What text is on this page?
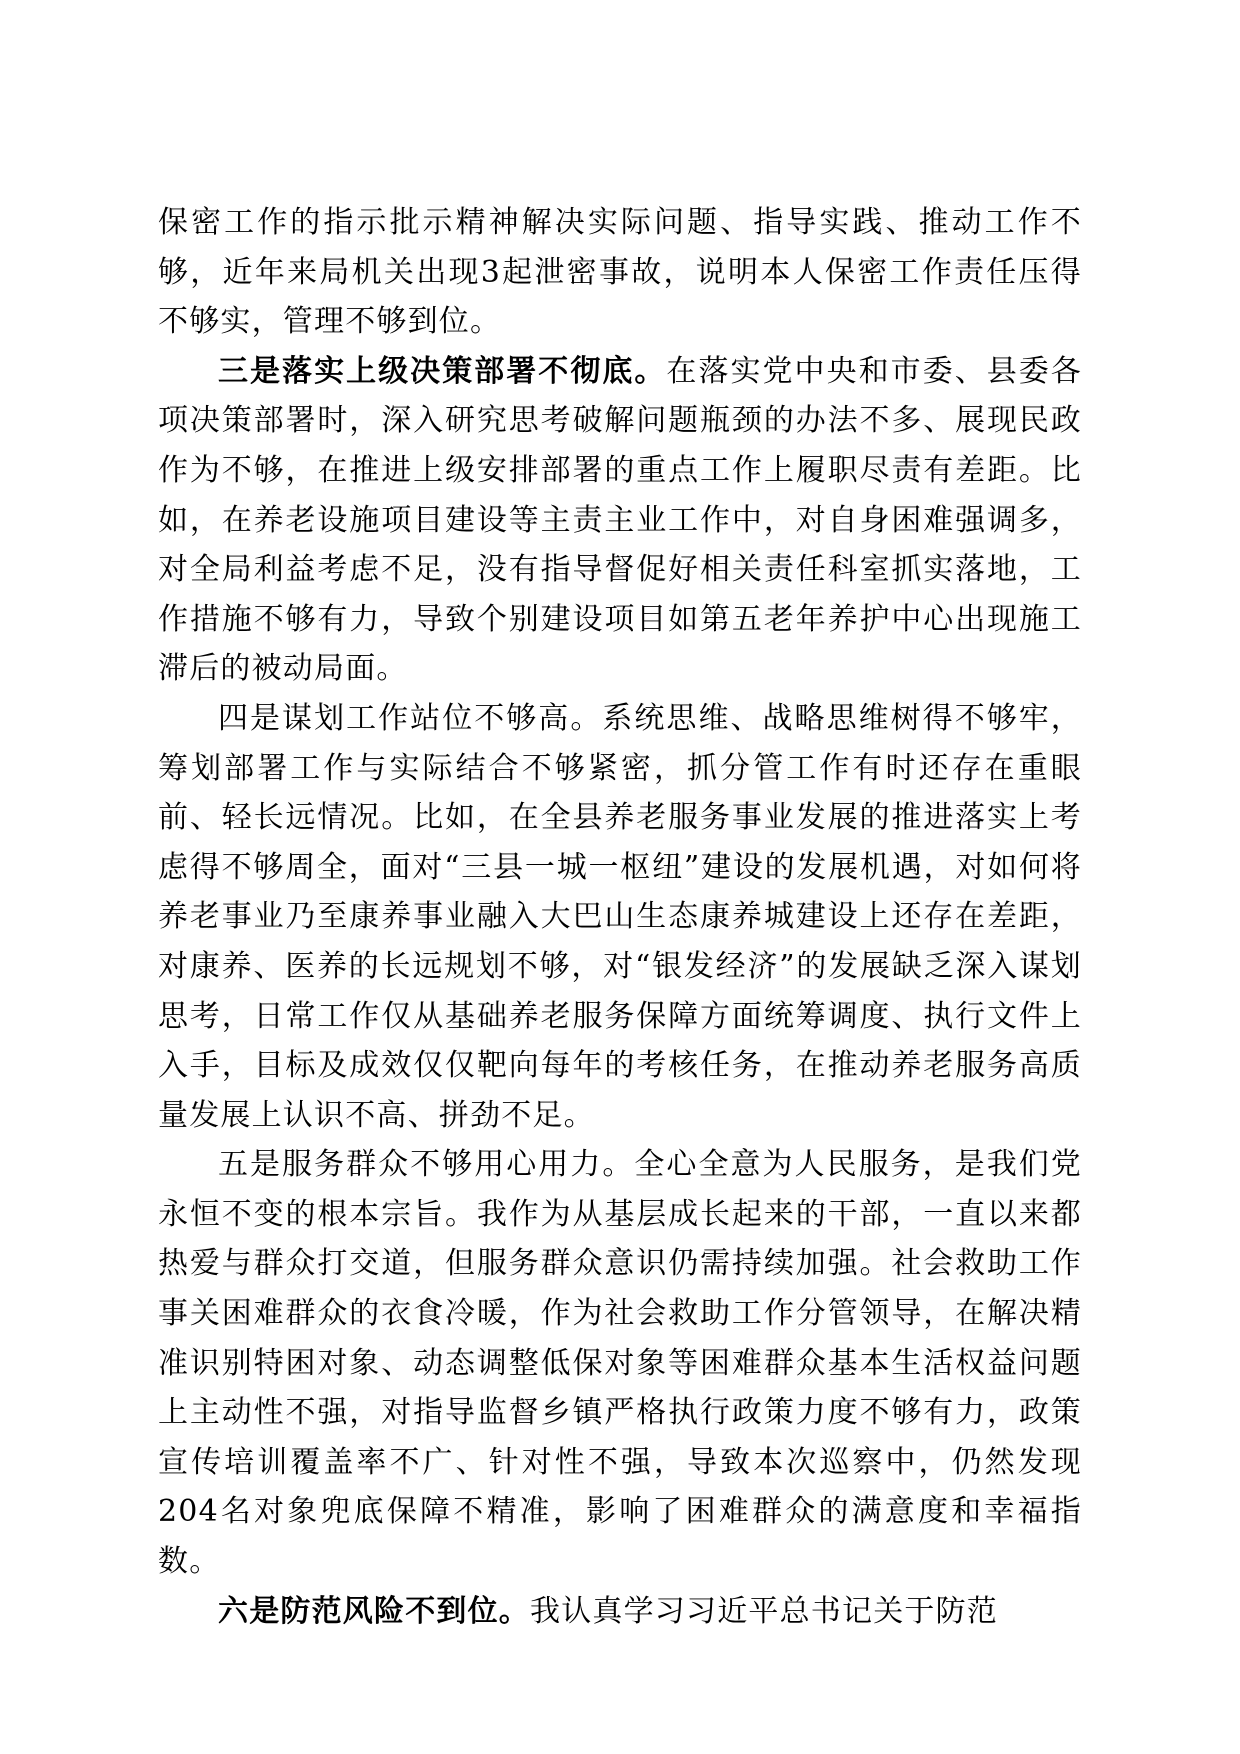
保密工作的指示批示精神解决实际问题、指导实践、推动工作不够，近年来局机关出现3起泄密事故，说明本人保密工作责任压得不够实，管理不够到位。

三是落实上级决策部署不彻底。在落实党中央和市委、县委各项决策部署时，深入研究思考破解问题瓶颈的办法不多、展现民政作为不够，在推进上级安排部署的重点工作上履职尽责有差距。比如，在养老设施项目建设等主责主业工作中，对自身困难强调多，对全局利益考虑不足，没有指导督促好相关责任科室抓实落地，工作措施不够有力，导致个别建设项目如第五老年养护中心出现施工滞后的被动局面。

四是谋划工作站位不够高。系统思维、战略思维树得不够牢，筹划部署工作与实际结合不够紧密，抓分管工作有时还存在重眼前、轻长远情况。比如，在全县养老服务事业发展的推进落实上考虑得不够周全，面对“三县一城一枢纽”建设的发展机遇，对如何将养老事业乃至康养事业融入大巴山生态康养城建设上还存在差距，对康养、医养的长远规划不够，对“银发经济”的发展缺乏深入谋划思考，日常工作仅从基础养老服务保障方面统筹调度、执行文件上入手，目标及成效仅仅靶向每年的考核任务，在推动养老服务高质量发展上认识不高、拼劲不足。

五是服务群众不够用心用力。全心全意为人民服务，是我们党永恒不变的根本宗旨。我作为从基层成长起来的干部，一直以来都热爱与群众打交道，但服务群众意识仍需持续加强。社会救助工作事关困难群众的衣食冷暖，作为社会救助工作分管领导，在解决精准识别特困对象、动态调整低保对象等困难群众基本生活权益问题上主动性不强，对指导监督乡镇严格执行政策力度不够有力，政策宣传培训覆盖率不广、针对性不强，导致本次巡察中，仍然发现204名对象兜底保障不精准，影响了困难群众的满意度和幸福指数。

六是防范风险不到位。我认真学习习近平总书记关于防范
